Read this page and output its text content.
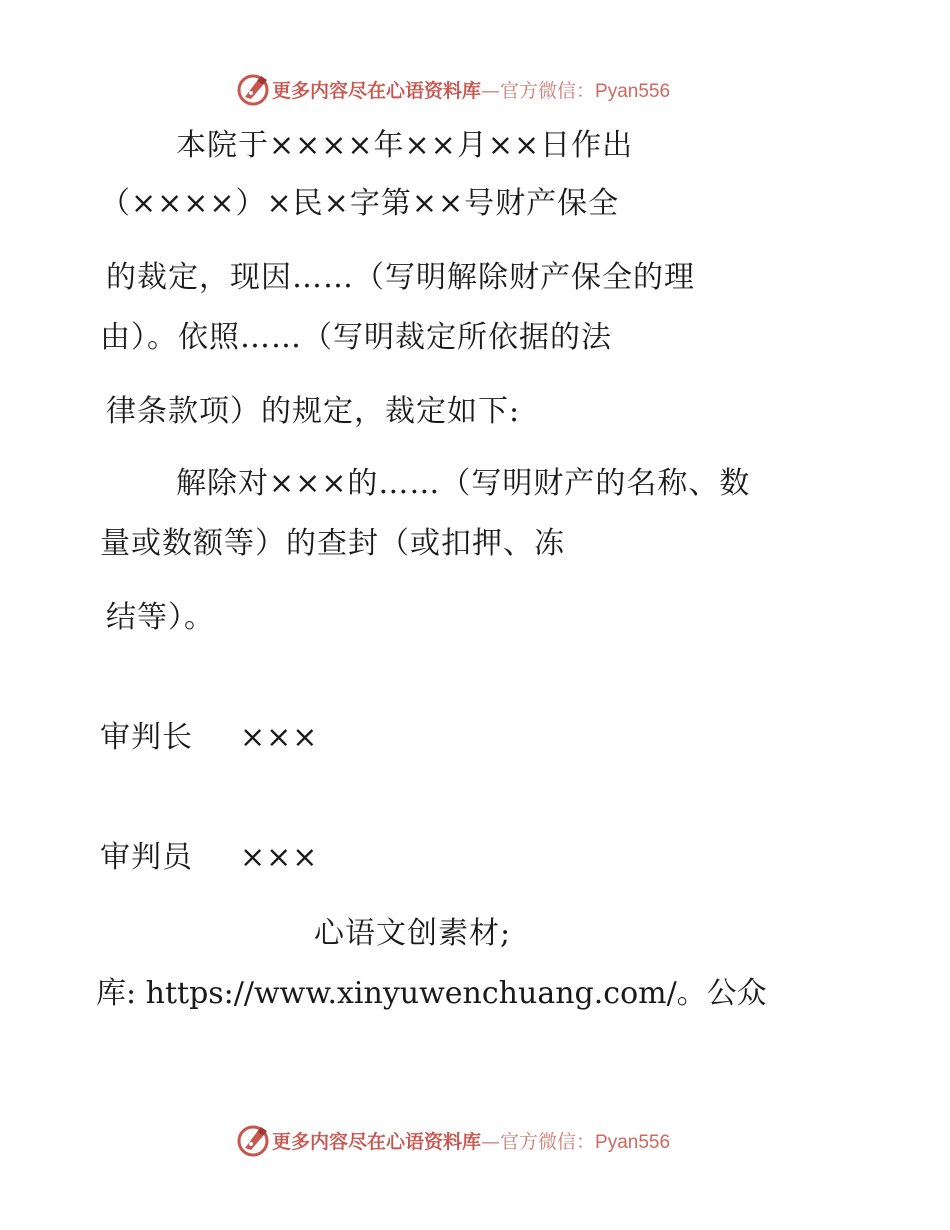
更多内容尽在心语资料库—官方微信：Pyan556
本院于××××年××月××日作出
（××××）×民×字第××号财产保全
的裁定，现因……（写明解除财产保全的理
由）。依照……（写明裁定所依据的法
律条款项）的规定，裁定如下:
解除对×××的……（写明财产的名称、数
量或数额等）的查封（或扣押、冻
结等）。
审判长 ×××
审判员 ×××
心语文创素材;
库: https://www.xinyuwenchuang.com/。公众
更多内容尽在心语资料库—官方微信：Pyan556
